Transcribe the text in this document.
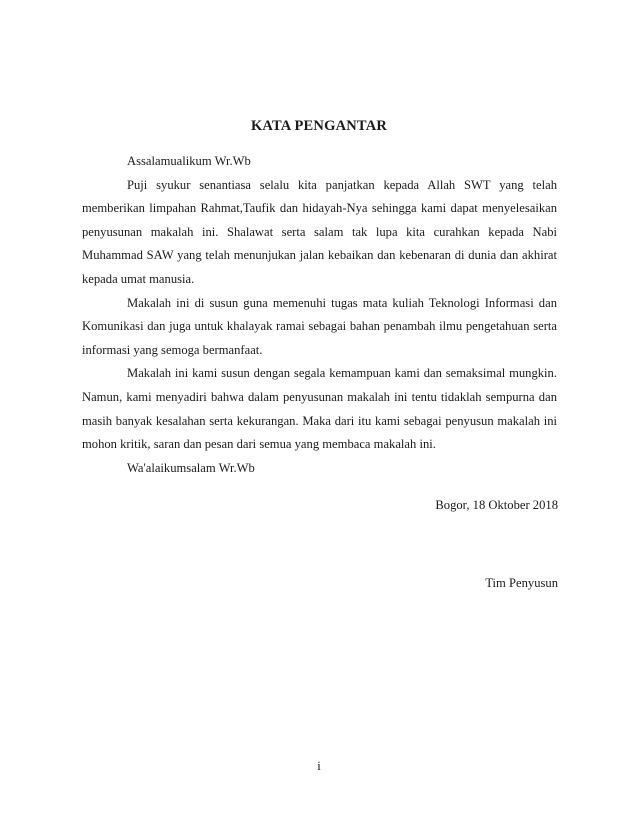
KATA PENGANTAR

Assalamualikum Wr.Wb

Puji syukur senantiasa selalu kita panjatkan kepada Allah SWT yang telah memberikan limpahan Rahmat,Taufik dan hidayah-Nya sehingga kami dapat menyelesaikan penyusunan makalah ini. Shalawat serta salam tak lupa kita curahkan kepada Nabi Muhammad SAW yang telah menunjukan jalan kebaikan dan kebenaran di dunia dan akhirat kepada umat manusia.

Makalah ini di susun guna memenuhi tugas mata kuliah Teknologi Informasi dan Komunikasi dan juga untuk khalayak ramai sebagai bahan penambah ilmu pengetahuan serta informasi yang semoga bermanfaat.

Makalah ini kami susun dengan segala kemampuan kami dan semaksimal mungkin. Namun, kami menyadiri bahwa dalam penyusunan makalah ini tentu tidaklah sempurna dan masih banyak kesalahan serta kekurangan. Maka dari itu kami sebagai penyusun makalah ini mohon kritik, saran dan pesan dari semua yang membaca makalah ini.

Wa'alaikumsalam Wr.Wb

Bogor, 18 Oktober 2018
Tim Penyusun
i
